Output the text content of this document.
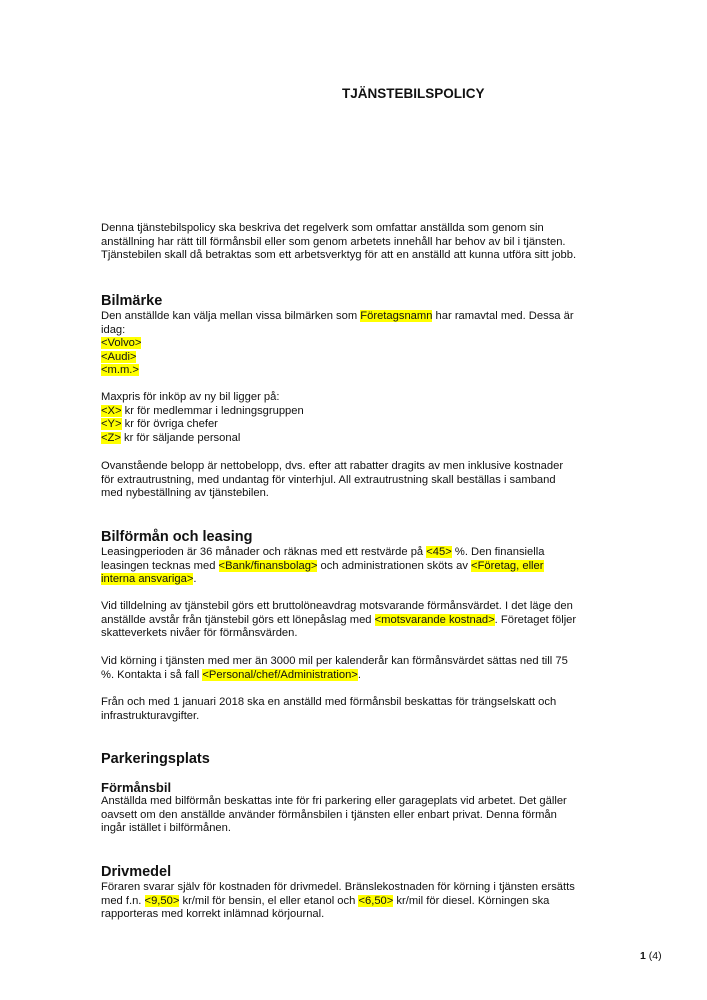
TJÄNSTEBILSPOLICY

Denna tjänstebilspolicy ska beskriva det regelverk som omfattar anställda som genom sin

anställning har rätt till förmånsbil eller som genom arbetets innehåll har behov av bil i tjänsten.

Tjänstebilen skall då betraktas som ett arbetsverktyg för att en anställd att kunna utföra sitt jobb.

Bilmärke

Den anställde kan välja mellan vissa bilmärken som Företagsnamn har ramavtal med. Dessa är

idag:

<Volvo>

<Audi>

<m.m.>

Maxpris för inköp av ny bil ligger på:

<X> kr för medlemmar i ledningsgruppen

<Y> kr för övriga chefer

<Z> kr för säljande personal

Ovanstående belopp är nettobelopp, dvs. efter att rabatter dragits av men inklusive kostnader

för extrautrustning, med undantag för vinterhjul. All extrautrustning skall beställas i samband

med nybeställning av tjänstebilen.

Bilförmån och leasing

Leasingperioden är 36 månader och räknas med ett restvärde på <45> %. Den finansiella

leasingen tecknas med <Bank/finansbolag> och administrationen sköts av <Företag, eller

interna ansvariga>.

Vid tilldelning av tjänstebil görs ett bruttolöneavdrag motsvarande förmånsvärdet. I det läge den

anställde avstår från tjänstebil görs ett lönepåslag med <motsvarande kostnad>. Företaget följer

skatteverkets nivåer för förmånsvärden.

Vid körning i tjänsten med mer än 3000 mil per kalenderår kan förmånsvärdet sättas ned till 75

%. Kontakta i så fall <Personal/chef/Administration>.

Från och med 1 januari 2018 ska en anställd med förmånsbil beskattas för trängselskatt och

infrastrukturavgifter.

Parkeringsplats
Förmånsbil

Anställda med bilförmån beskattas inte för fri parkering eller garageplats vid arbetet. Det gäller

oavsett om den anställde använder förmånsbilen i tjänsten eller enbart privat. Denna förmån

ingår istället i bilförmånen.

Drivmedel

Föraren svarar själv för kostnaden för drivmedel. Bränslekostnaden för körning i tjänsten ersätts

med f.n. <9,50> kr/mil för bensin, el eller etanol och <6,50> kr/mil för diesel. Körningen ska

rapporteras med korrekt inlämnad körjournal.

1 (4)
